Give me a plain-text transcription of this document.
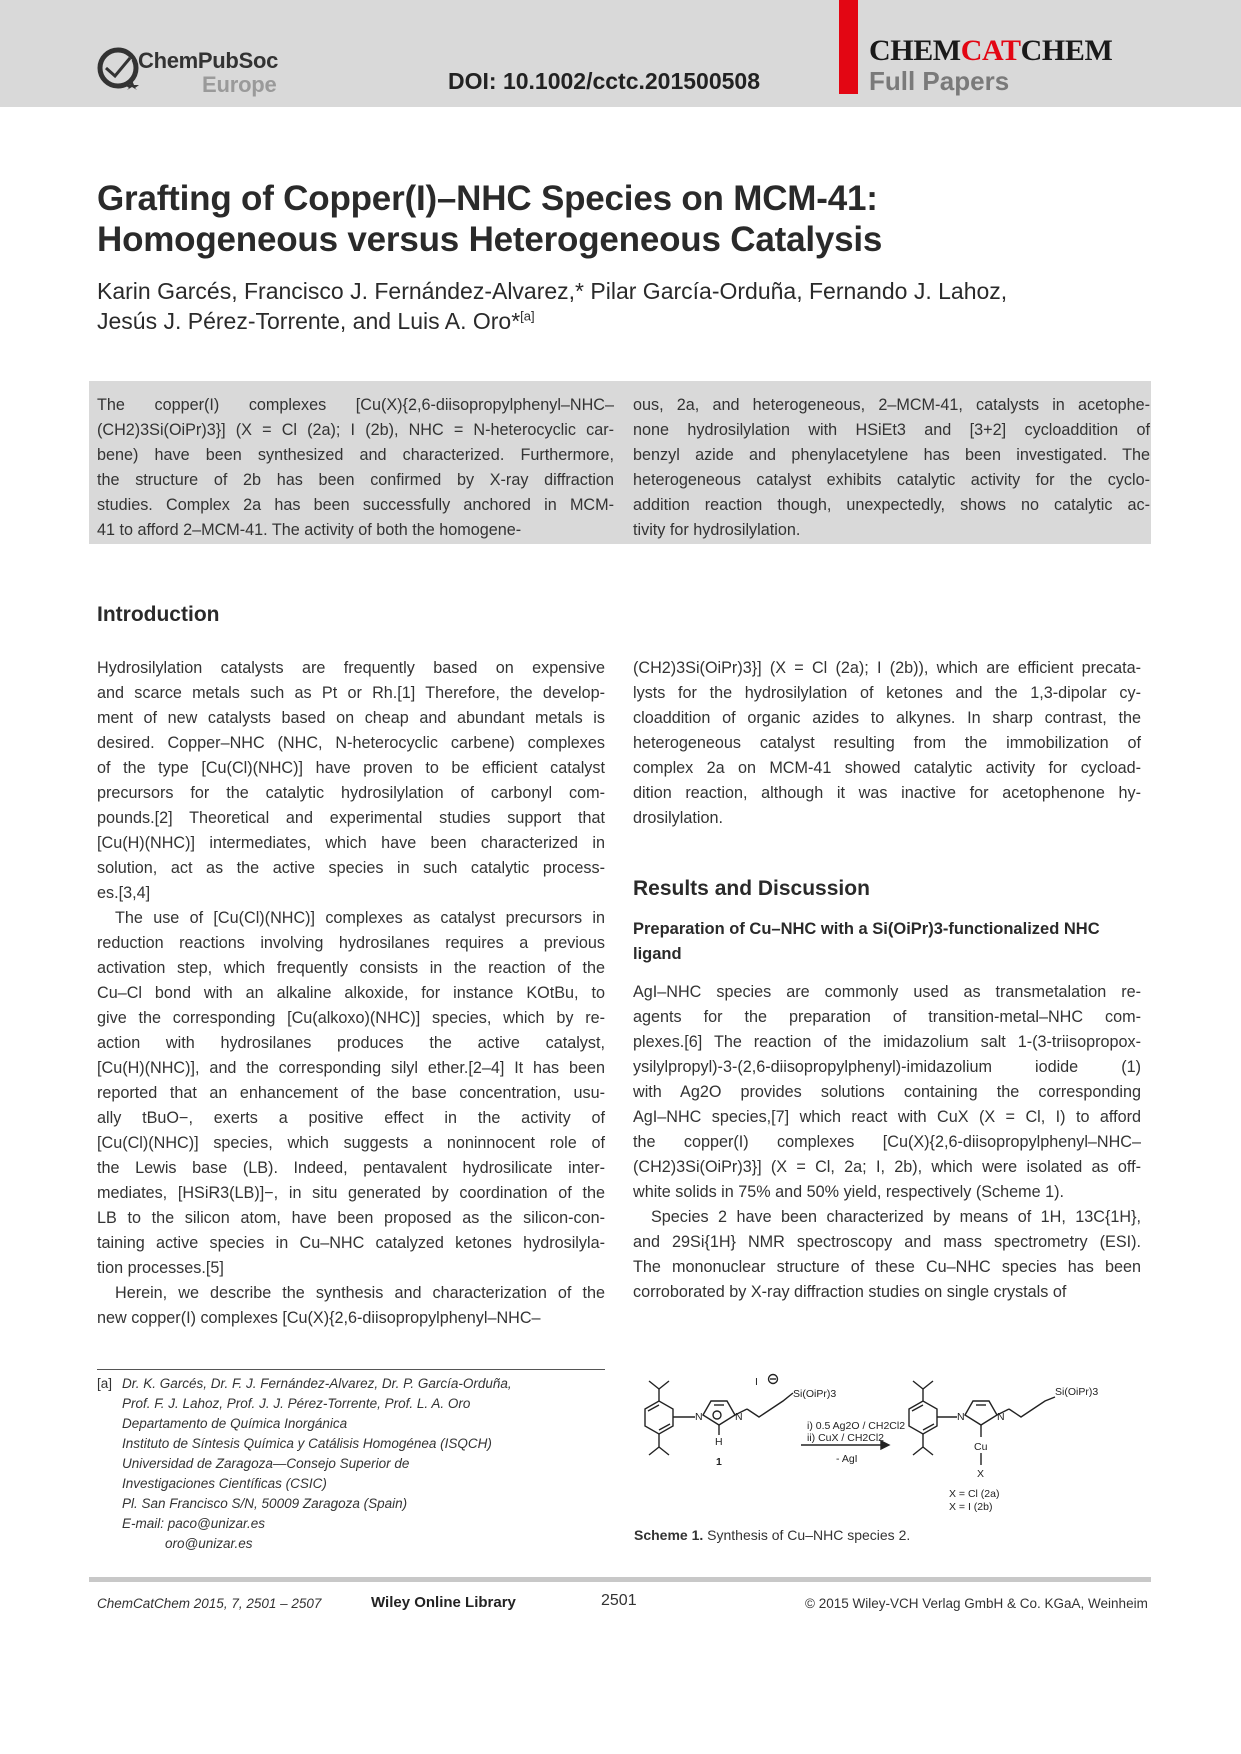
ChemPubSoc
Europe	DOI: 10.1002/cctc.201500508
CHEMCATCHEM
Full Papers
Grafting of Copper(I)–NHC Species on MCM-41:
Homogeneous versus Heterogeneous Catalysis
Karin Garcés, Francisco J. Fernández-Alvarez,* Pilar García-Orduña, Fernando J. Lahoz,
Jesús J. Pérez-Torrente, and Luis A. Oro*[a]
The copper(I) complexes [Cu(X){2,6-diisopropylphenyl–NHC–
(CH2)3Si(OiPr)3}] (X = Cl (2a); I (2b), NHC = N-heterocyclic car-
bene) have been synthesized and characterized. Furthermore,
the structure of 2b has been confirmed by X-ray diffraction
studies. Complex 2a has been successfully anchored in MCM-
41 to afford 2–MCM-41. The activity of both the homogene-
ous, 2a, and heterogeneous, 2–MCM-41, catalysts in acetophe-
none hydrosilylation with HSiEt3 and [3+2] cycloaddition of
benzyl azide and phenylacetylene has been investigated. The
heterogeneous catalyst exhibits catalytic activity for the cyclo-
addition reaction though, unexpectedly, shows no catalytic ac-
tivity for hydrosilylation.
Introduction
Hydrosilylation catalysts are frequently based on expensive
and scarce metals such as Pt or Rh.[1] Therefore, the develop-
ment of new catalysts based on cheap and abundant metals is
desired. Copper–NHC (NHC, N-heterocyclic carbene) complexes
of the type [Cu(Cl)(NHC)] have proven to be efficient catalyst
precursors for the catalytic hydrosilylation of carbonyl com-
pounds.[2] Theoretical and experimental studies support that
[Cu(H)(NHC)] intermediates, which have been characterized in
solution, act as the active species in such catalytic process-
es.[3,4]
The use of [Cu(Cl)(NHC)] complexes as catalyst precursors in
reduction reactions involving hydrosilanes requires a previous
activation step, which frequently consists in the reaction of the
Cu–Cl bond with an alkaline alkoxide, for instance KOtBu, to
give the corresponding [Cu(alkoxo)(NHC)] species, which by re-
action with hydrosilanes produces the active catalyst,
[Cu(H)(NHC)], and the corresponding silyl ether.[2–4] It has been
reported that an enhancement of the base concentration, usu-
ally tBuO−, exerts a positive effect in the activity of
[Cu(Cl)(NHC)] species, which suggests a noninnocent role of
the Lewis base (LB). Indeed, pentavalent hydrosilicate inter-
mediates, [HSiR3(LB)]−, in situ generated by coordination of the
LB to the silicon atom, have been proposed as the silicon-con-
taining active species in Cu–NHC catalyzed ketones hydrosilyla-
tion processes.[5]
Herein, we describe the synthesis and characterization of the
new copper(I) complexes [Cu(X){2,6-diisopropylphenyl–NHC–
(CH2)3Si(OiPr)3}] (X = Cl (2a); I (2b)), which are efficient precata-
lysts for the hydrosilylation of ketones and the 1,3-dipolar cy-
cloaddition of organic azides to alkynes. In sharp contrast, the
heterogeneous catalyst resulting from the immobilization of
complex 2a on MCM-41 showed catalytic activity for cycload-
dition reaction, although it was inactive for acetophenone hy-
drosilylation.
Results and Discussion
Preparation of Cu–NHC with a Si(OiPr)3-functionalized NHC
ligand
AgI–NHC species are commonly used as transmetalation re-
agents for the preparation of transition-metal–NHC com-
plexes.[6] The reaction of the imidazolium salt 1-(3-triisopropox-
ysilylpropyl)-3-(2,6-diisopropylphenyl)-imidazolium iodide (1)
with Ag2O provides solutions containing the corresponding
AgI–NHC species,[7] which react with CuX (X = Cl, I) to afford
the copper(I) complexes [Cu(X){2,6-diisopropylphenyl–NHC–
(CH2)3Si(OiPr)3}] (X = Cl, 2a; I, 2b), which were isolated as off-
white solids in 75% and 50% yield, respectively (Scheme 1).
Species 2 have been characterized by means of 1H, 13C{1H},
and 29Si{1H} NMR spectroscopy and mass spectrometry (ESI).
The mononuclear structure of these Cu–NHC species has been
corroborated by X-ray diffraction studies on single crystals of
[a] Dr. K. Garcés, Dr. F. J. Fernández-Alvarez, Dr. P. García-Orduña,
Prof. F. J. Lahoz, Prof. J. J. Pérez-Torrente, Prof. L. A. Oro
Departamento de Química Inorgánica
Instituto de Síntesis Química y Catálisis Homogénea (ISQCH)
Universidad de Zaragoza—Consejo Superior de
Investigaciones Científicas (CSIC)
Pl. San Francisco S/N, 50009 Zaragoza (Spain)
E-mail: paco@unizar.es
oro@unizar.es
N	N
H
I
Si(OiPr)3
1
i) 0.5 Ag2O / CH2Cl2
ii) CuX / CH2Cl2
- AgI
N	N
Cu
X
Si(OiPr)3
X = Cl (2a)
X = I (2b)
Scheme 1. Synthesis of Cu–NHC species 2.
ChemCatChem 2015, 7, 2501 – 2507	Wiley Online Library	2501	© 2015 Wiley-VCH Verlag GmbH & Co. KGaA, Weinheim
